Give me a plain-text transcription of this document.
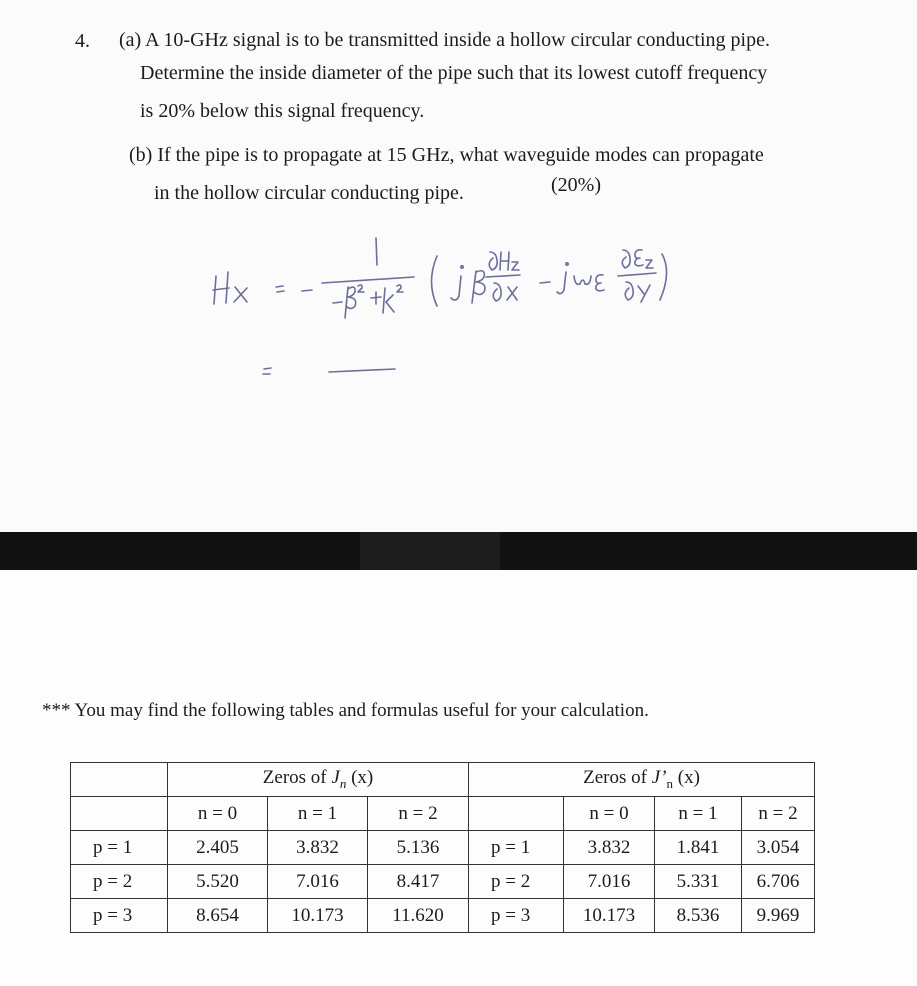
4. (a) A 10-GHz signal is to be transmitted inside a hollow circular conducting pipe.
Determine the inside diameter of the pipe such that its lowest cutoff frequency
is 20% below this signal frequency.
(b) If the pipe is to propagate at 15 GHz, what waveguide modes can propagate
in the hollow circular conducting pipe.	(20%)
*** You may find the following tables and formulas useful for your calculation.
	Zeros of $J_n$ (x)			Zeros of $J’_n$ (x)			
	n = 0	n = 1	n = 2		n = 0	n = 1	n = 2
p = 1	2.405	3.832	5.136	p = 1	3.832	1.841	3.054
p = 2	5.520	7.016	8.417	p = 2	7.016	5.331	6.706
p = 3	8.654	10.173	11.620	p = 3	10.173	8.536	9.969
